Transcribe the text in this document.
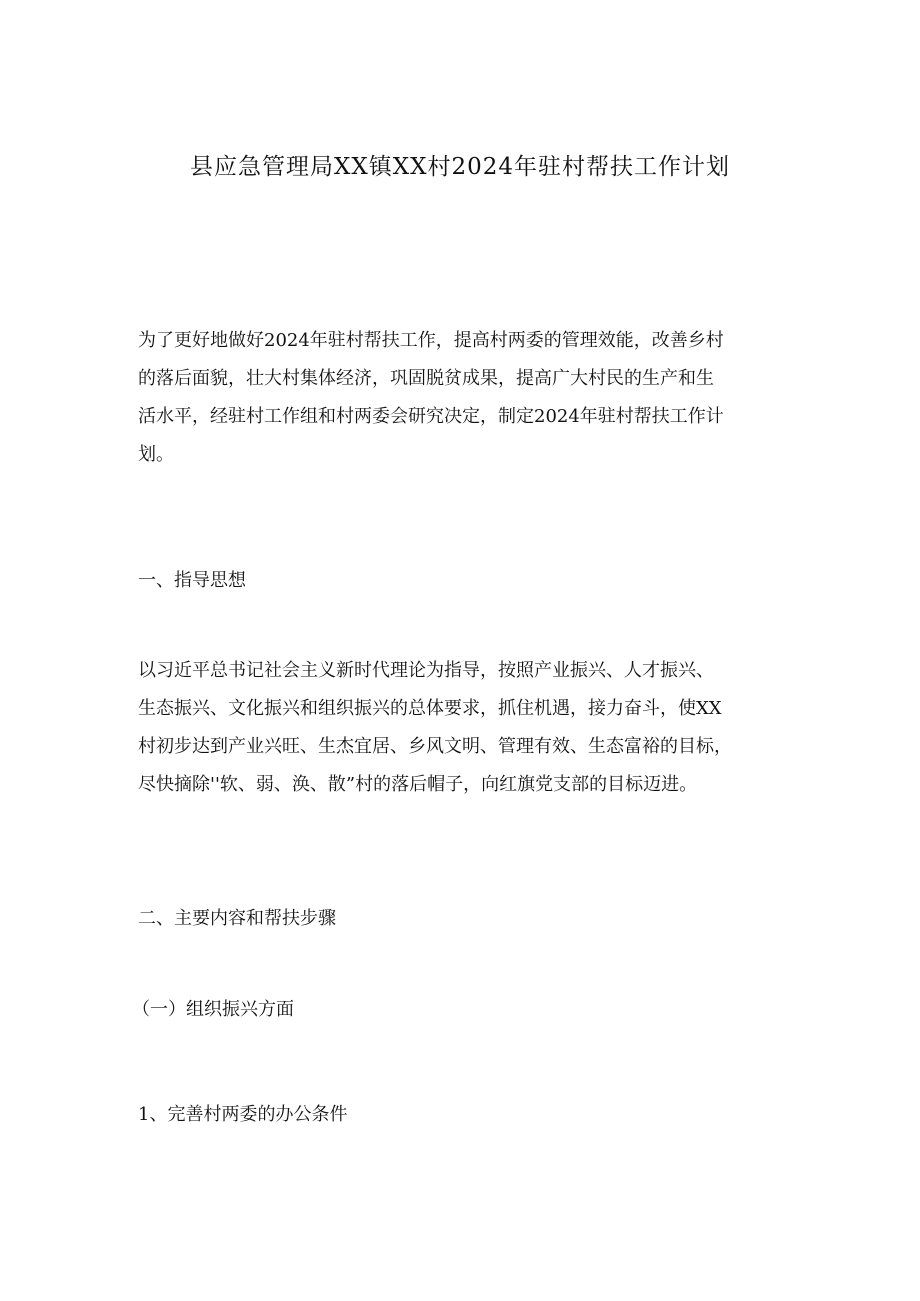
县应急管理局XX镇XX村2024年驻村帮扶工作计划

为了更好地做好2024年驻村帮扶工作，提高村两委的管理效能，改善乡村
的落后面貌，壮大村集体经济，巩固脱贫成果，提高广大村民的生产和生
活水平，经驻村工作组和村两委会研究决定，制定2024年驻村帮扶工作计
划。

一、指导思想

以习近平总书记社会主义新时代理论为指导，按照产业振兴、人才振兴、
生态振兴、文化振兴和组织振兴的总体要求，抓住机遇，接力奋斗，使XX
村初步达到产业兴旺、生杰宜居、乡风文明、管理有效、生态富裕的目标，
尽快摘除''软、弱、涣、散”村的落后帽子，向红旗党支部的目标迈进。

二、主要内容和帮扶步骤
（一）组织振兴方面
1、完善村两委的办公条件
